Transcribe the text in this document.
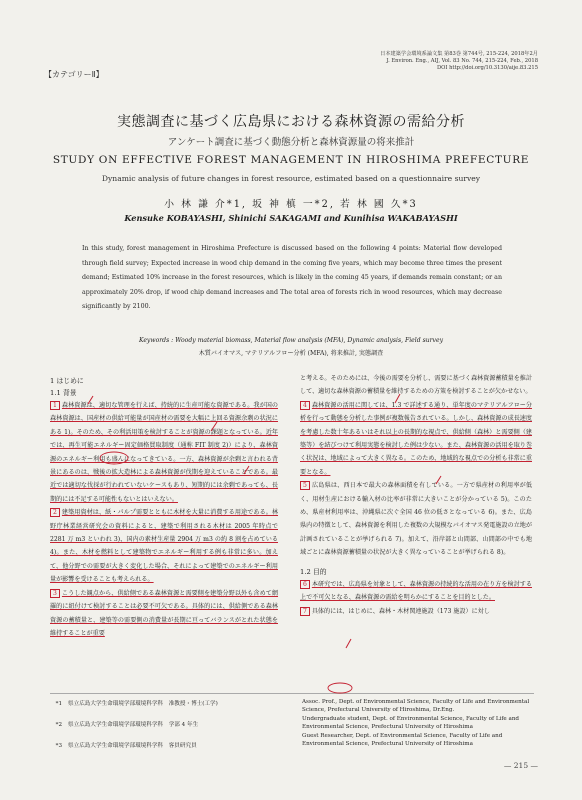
【カテゴリーⅡ】
日本建築学会環境系論文集 第83巻 第744号, 215-224, 2018年2月
J. Environ. Eng., AIJ, Vol. 83 No. 744, 215-224, Feb., 2018
DOI http://doi.org/10.3130/aije.83.215
実態調査に基づく広島県における森林資源の需給分析
アンケート調査に基づく動態分析と森林資源量の将来推計
STUDY ON EFFECTIVE FOREST MANAGEMENT IN HIROSHIMA PREFECTURE
Dynamic analysis of future changes in forest resource, estimated based on a questionnaire survey
小 林 謙 介*1, 坂 神 槙 一*2, 若 林 國 久*3
Kensuke KOBAYASHI, Shinichi SAKAGAMI and Kunihisa WAKABAYASHI

In this study, forest management in Hiroshima Prefecture is discussed based on the following 4 points: Material flow developed through field survey; Expected increase in wood chip demand in the coming five years, which may become three times the present demand; Estimated 10% increase in the forest resources, which is likely in the coming 45 years, if demands remain constant; or an approximately 20% drop, if wood chip demand increases and The total area of forests rich in wood resources, which may decrease significantly by 2100.

Keywords : Woody material biomass, Material flow analysis (MFA), Dynamic analysis, Field survey
木質バイオマス, マテリアルフロー分析 (MFA), 将来推計, 実態調査
1 はじめに
1.1 背景

1 森林資源は、適切な管理を行えば、持続的に生産可能な資源である。我が国の森林資源は、国産材の供給可能量が国産材の需要を大幅に上回る資源余剰の状況にある 1)。そのため、その利活用策を検討することが資源の課題となっている。近年では、再生可能エネルギー固定価格買取制度（通称 FIT 制度 2)）により、森林資源のエネルギー利用も盛んになってきている。一方、森林資源が余剰と言われる背景にあるのは、戦後の拡大造林による森林資源が伐期を迎えていることである。最近では適切な伐採が行われていないケースもあり、短期的には余剰であっても、長期的には不足する可能性もないとはいえない。

2 建築用資材は、紙・パルプ需要とともに木材を大量に消費する用途である。林野庁林業経営研究会の資料によると、建築で利用される木材は 2005 年時点で 2281 万 m3 といわれ 3)、国内の素材生産量 2904 万 m3 の約 8 割を占めている 4)。また、木材を燃料として建築物でエネルギー利用する例も非常に多い。加えて、他分野での需要が大きく変化した場合、それによって建築でのエネルギー利用量が影響を受けることも考えられる。

3 こうした観点から、供給側である森林資源と需要側を建築分野以外も含めて網羅的に紐付けて検討することは必要不可欠である。具体的には、供給側である森林資源の蓄積量と、建築等の需要側の消費量が長期に亘ってバランスがとれた状態を維持することが重要

と考える。そのためには、今後の需要を分析し、需要に基づく森林資源蓄積量を推計して、適切な森林資源の蓄積量を維持するための方策を検討することが欠かせない。

4 森林資源の活用に関しては、1.3 で詳述する通り、単年度のマテリアルフロー分析を行って動態を分析した事例が複数報告されている。しかし、森林資源の成長速度を考慮した数十年あるいはそれ以上の長期的な視点で、供給側（森林）と需要側（建築等）を結びつけて利用実態を検討した例は少ない。また、森林資源の活用を取り巻く状況は、地域によって大きく異なる。このため、地域的な視点での分析も非常に重要となる。

5 広島県は、西日本で最大の森林面積を有している。一方で県産材の利用率が低く、用材生産における輸入材の比率が非常に大きいことが分かっている 5)。このため、県産材利用率は、沖縄県に次ぐ全国 46 位の低さとなっている 6)。また、広島県内の特徴として、森林資源を利用した複数の大規模なバイオマス発電施設の立地が計画されていることが挙げられる 7)。加えて、沿岸部と山間部、山間部の中でも地域ごとに森林資源蓄積量の状況が大きく異なっていることが挙げられる 8)。

1.2 目的

6 本研究では、広島県を対象として、森林資源の持続的な活用の在り方を検討する上で不可欠となる、森林資源の需給を明らかにすることを目的とした。

7 具体的には、はじめに、森林・木材関連施設（173 施設）に対し

*1 県立広島大学生命環境学部環境科学科　准教授・博士(工学)
*2 県立広島大学生命環境学部環境科学科　学部 4 年生
*3 県立広島大学生命環境学部環境科学科　客員研究員
Assoc. Prof., Dept. of Environmental Science, Faculty of Life and Environmental Science, Prefectural University of Hiroshima, Dr.Eng.
Undergraduate student, Dept. of Environmental Science, Faculty of Life and Environmental Science, Prefectural University of Hiroshima
Guest Researcher, Dept. of Environmental Science, Faculty of Life and Environmental Science, Prefectural University of Hiroshima
— 215 —
